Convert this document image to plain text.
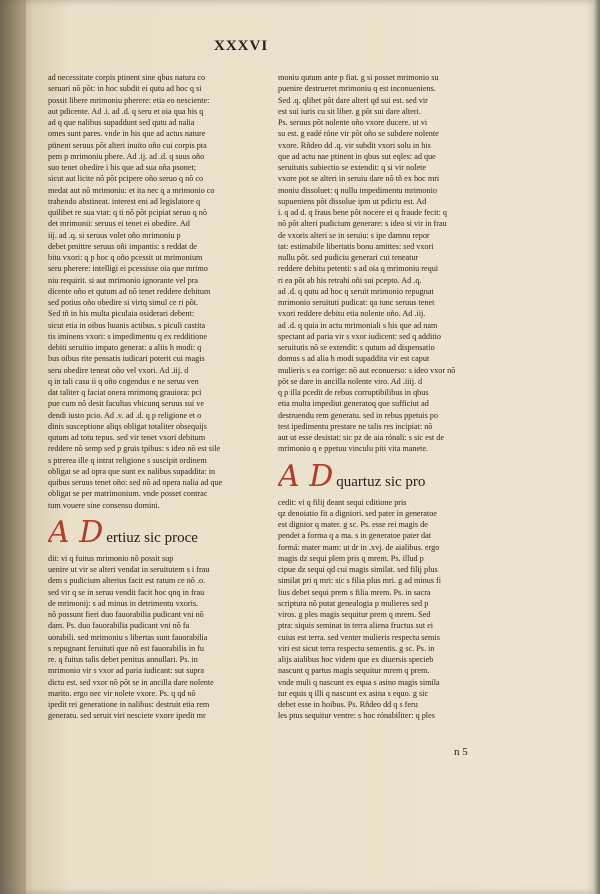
XXXVI
ad necessitate corpis ptinent sine qbus natura co
seruari nõ põt: in hoc subdit ei qutu ad hoc q si
possit libere mrimoniu pherere: etia eo nesciente:
aut pdicente. Ad .i. ad .d. q seru et oia qua his q
ad q que nalibus supaddunt sed qutu ad nalia
omes sunt pares. vnde in his que ad actus nature
ptinent seruus põt alteri inuito oño cui corpis pta
pem p mrimoniu pbere. Ad .ij. ad .d. q suus oño
suo tenet obedire i his que ad sua oña psonet;
sicut aut licite nõ põt pcipere oño seruo q nõ co
medat aut nõ mrimoniu: et ita nec q a mrimonio co
trahendo abstineat. interest eni ad legislatore q
quilibet re sua vtat: q ti nõ põt pcipiat seruo q nõ
det mrimonii: seruus ei tenet ei obedire. Ad
iij. ad .q. si seruus volet oño mrimoniu p
debet pmittre seruus oñi impantis: s reddat de
bitu vxori: q p hoc q oño pcessit ut mrimonium
seru pherere: intelligi ei pcessisse oia que mrimo
niu requirit. si aut mrimonio ignorante vel pra
dicente oño et qutum ad nõ tenet reddere debitum
sed potius oño obedire si virtq simul ce ri põt.
Sed tñ in his multa piculaia osiderari debent:
sicut etia in oibus huanis actibus. s piculi castita
tis iminens vxori: s impedimentu q ex redditione
debiti seruitio impato generat: a aliis h modi: q
bus oibus rite pensatis iudicari poterit cui magis
seru obedire teneat oño vel vxori. Ad .iij. d
q in tali casu ii q oño cogendus e ne seruu ven
dat taliter q faciat onera mrimonq grauiora: pci
pue cum nõ desit facultas vbicunq seruus sui ve
dendi iusto pcio. Ad .v. ad .d. q p religione et o
dinis susceptione aliqs obligat totaliter obsequijs
qutum ad totu tepus. sed vir tenet vxori debitum
reddere nõ semp sed p gruis tpibus: s ideo nõ est sile
s ptrerea ille q intrat religione s suscipit ordinem
obligat se ad opra que sunt ex nalibus supaddita: in
quibus seruus tenet oño: sed nõ ad opera nalia ad que
obligat se per matrimonium. vnde posset contrac
tum vouere sine consensu domini.
A D ertiuz sic proce
dit: vi q fuitus mrimonio nõ possit sup
uenire ut vir se alteri vendat in seruitutem s i frau
dem s pudicium alterius facit est ratum ce nõ .o.
sed vir q se in seruu vendit facit hoc qnq in frau
de mrimonij: s ad minus in detrimentu vxoris.
nõ possunt fieri duo fauorabilia pudicant vni nõ
dam. Ps. duo fauorabilia pudicant vni nõ fa
uorabili. sed mrimoniu s libertas sunt fauorabilia
s repugnant feruituti que nõ est fauorabilis in fu
re. q fuitus talis debet penitus annullari. Ps. in
mrimonio vir s vxor ad paria iudicant: sut supra
dictu est. sed vxor nõ põt se in ancilla dare nolente
marito. ergo nec vir nolete vxore. Ps. q qd nõ
ipedit rei generatione in nalibus: destruit etia rem
generatu. sed seruit viri nesciete vxore ipedit mr
moniu qutum ante p fiat. g si posset mrimonio su
puenire destrueret mrimoniu q est inconueniens.
Sed .q. qlibet põt dare alteri qd sui est. sed vir
est sui iuris cu sit liber. g põt sui dare alteri.
Ps. seruus põt nolente oño vxore ducere. ut vi
su est. g eadé róne vir põt oño se subdere nolente
vxore. Rñdeo dd .q. vir subdit vxori solu in his
que ad actu nae ptinent in qbus sut eqles: ad que
seruitutis subiectio se extendit: q si vir nolete
vxore pot se alteri in seruiu dare nõ tñ ex hoc mri
moniu dissoluet: q nullu impedimentu mrimonio
supueniens põt dissolue ipm ut pdictu est. Ad
i. q ad d. q fraus bene põt nocere ei q fraude fecit: q
nõ põt alteri pudicium generare: s ideo si vir in frau
de vxoris alteri se in seruiu: s ipe damnu repor
tat: estimabile libertatis bonu amittes: sed vxori
nullu põt. sed pudiciu generari cui teneatur
reddere debitu petenti: s ad oia q mrimoniu requi
ri ea põt ab his retrahi oñi sui pcepto. Ad .q.
ad .d. q qutu ad hoc q seruit mrimonio repugnat
mrimonio seruituti pudicat: qa tunc seruus tenet
vxori reddere debitu etia nolente oño. Ad .iij.
ad .d. q quia in actu mrimoniali s his que ad nam
spectant ad paria vir s vxor iudicent: sed q additio
seruitutis nõ se extendit: s qutum ad dispensatio
domus s ad alia h modi supaddita vir est caput
mulieris s ea corrige: nõ aut econuerso: s ideo vxor nõ
põt se dare in ancilla nolente viro. Ad .iiij. d
q p illa pcedit de rebus corruptibilibus in qbus
etia multa impediut generatoq que sufficiut ad
destruendu rem generatu. sed in rebus ppetuis po
test ipedimentu prestare ne talis res incipiat: nõ
aut ut esse desistat: sic pz de aia rónali: s sic est de
mrimonio q e ppetuu vinculu piti vita manete.
A D quartuz sic pro
cedit: vi q filij deant sequi cditione pris
qz denoiatio fit a digniori. sed pater in generatoe
est dignior q mater. g sc. Ps. esse rei magis de
pendet a forma q a ma. s in generatoe pater dat
formá: mater mam: ut dr in .xvj. de aialibus. ergo
magis dz sequi plem pris q mrem. Ps. illud p
cipue dz sequi qd cui magis similat. sed filij plus
similat pri q mri: sic s filia plus mri. g ad minus fi
lius debet sequi prem s filia mrem. Ps. in sacra
scriptura nõ putat genealogia p mulieres sed p
viros. g ples magis sequitur prem q mrem. Sed
ptra: siquis seminat in terra aliena fructus sut ei
cuius est terra. sed venter mulieris respectu semis
viri est sicut terra respectu sementis. g sc. Ps. in
alijs aialibus hoc videm que ex diuersis specieb
nascunt q partus magis sequitur mrem q prem.
vnde muli q nascunt ex equa s asino magis simila
tur equis q illi q nascunt ex asina s equo. g sic
debet esse in hoibus. Ps. Rñdeo dd q s feru
les ptus sequitur ventre: s hoc rónabiliter: q ples
n 5
